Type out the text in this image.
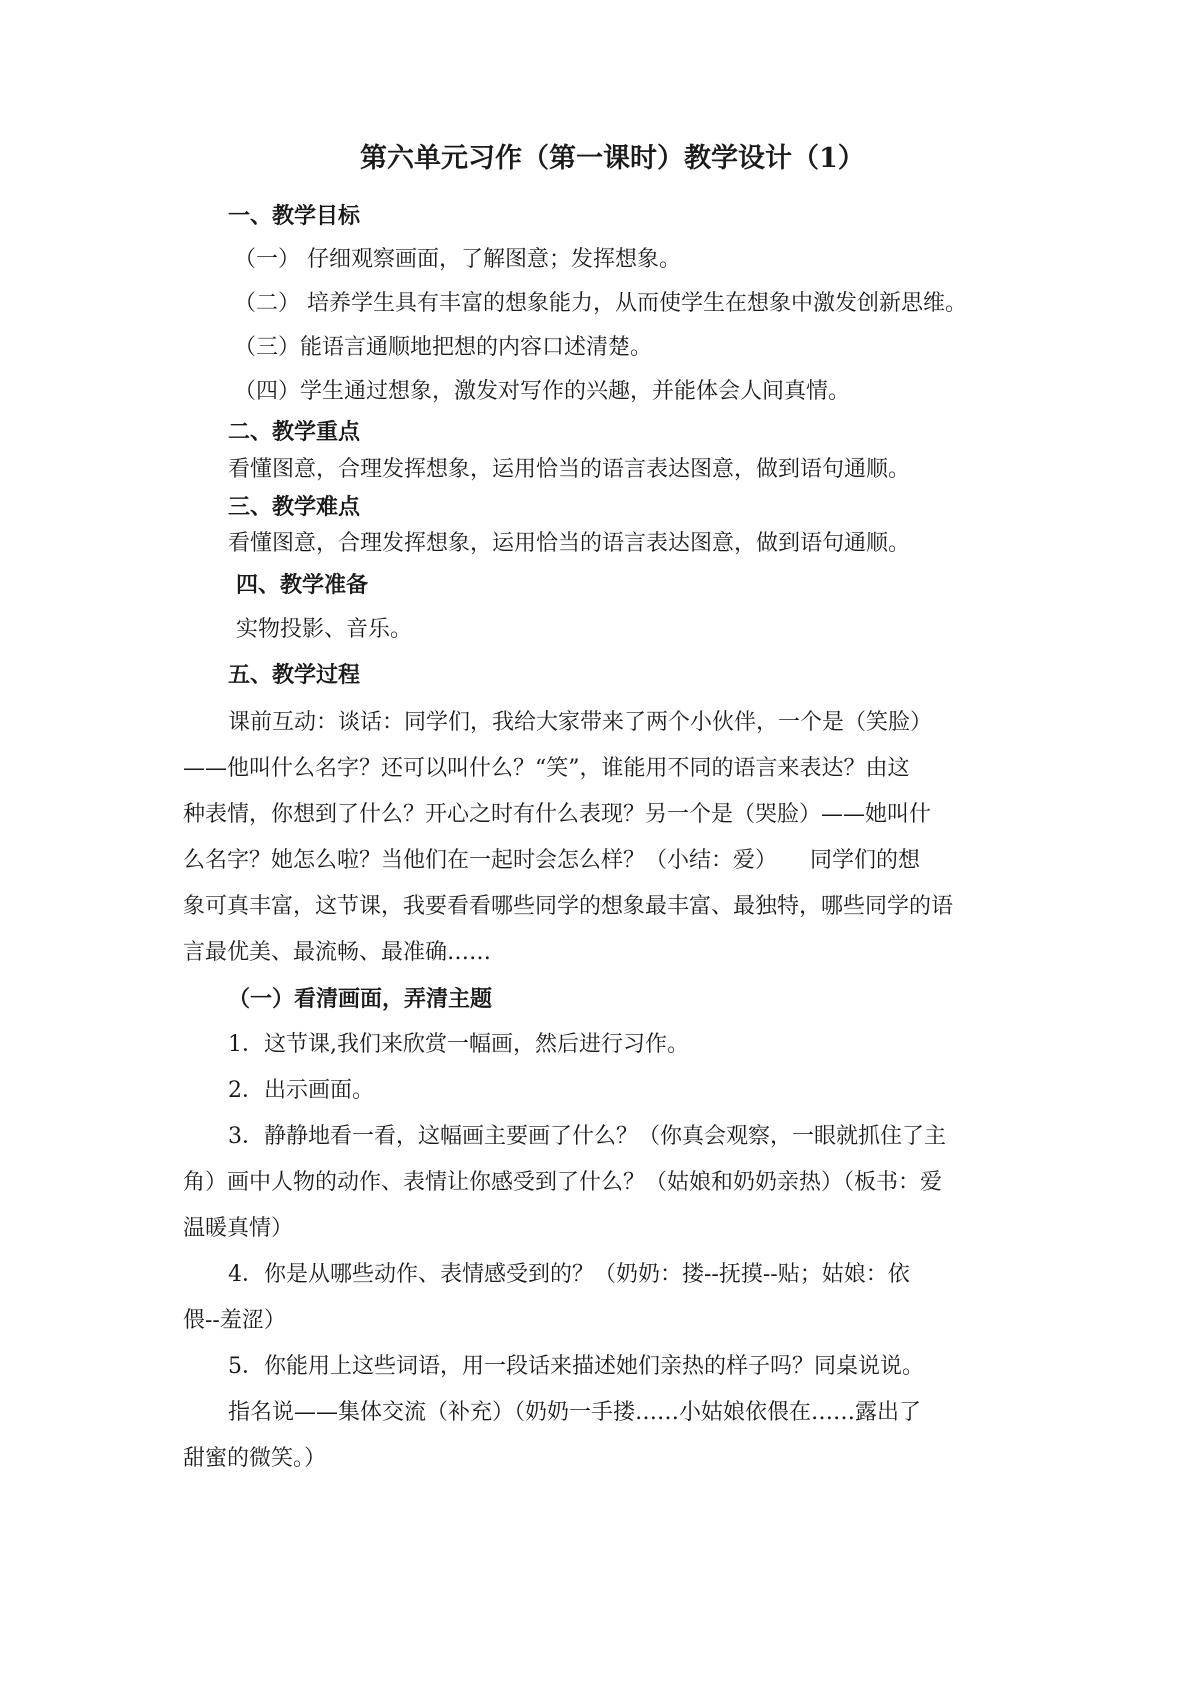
第六单元习作（第一课时）教学设计（1）
一、教学目标
（一） 仔细观察画面，了解图意；发挥想象。
（二） 培养学生具有丰富的想象能力，从而使学生在想象中激发创新思维。
（三）能语言通顺地把想的内容口述清楚。
（四）学生通过想象，激发对写作的兴趣，并能体会人间真情。
二、教学重点
看懂图意，合理发挥想象，运用恰当的语言表达图意，做到语句通顺。
三、教学难点
看懂图意，合理发挥想象，运用恰当的语言表达图意，做到语句通顺。
四、教学准备
实物投影、音乐。
五、教学过程
课前互动：谈话：同学们，我给大家带来了两个小伙伴，一个是（笑脸）
——他叫什么名字？还可以叫什么？“笑”，谁能用不同的语言来表达？由这
种表情，你想到了什么？开心之时有什么表现？另一个是（哭脸）——她叫什
么名字？她怎么啦？当他们在一起时会怎么样？（小结：爱）　　同学们的想
象可真丰富，这节课，我要看看哪些同学的想象最丰富、最独特，哪些同学的语
言最优美、最流畅、最准确……
（一）看清画面，弄清主题
1．这节课,我们来欣赏一幅画，然后进行习作。
2．出示画面。
3．静静地看一看，这幅画主要画了什么？（你真会观察，一眼就抓住了主
角）画中人物的动作、表情让你感受到了什么？（姑娘和奶奶亲热）（板书：爱
温暖真情）
4．你是从哪些动作、表情感受到的？（奶奶：搂--抚摸--贴；姑娘：依
偎--羞涩）
5．你能用上这些词语，用一段话来描述她们亲热的样子吗？同桌说说。
指名说——集体交流（补充）（奶奶一手搂……小姑娘依偎在……露出了
甜蜜的微笑。）
